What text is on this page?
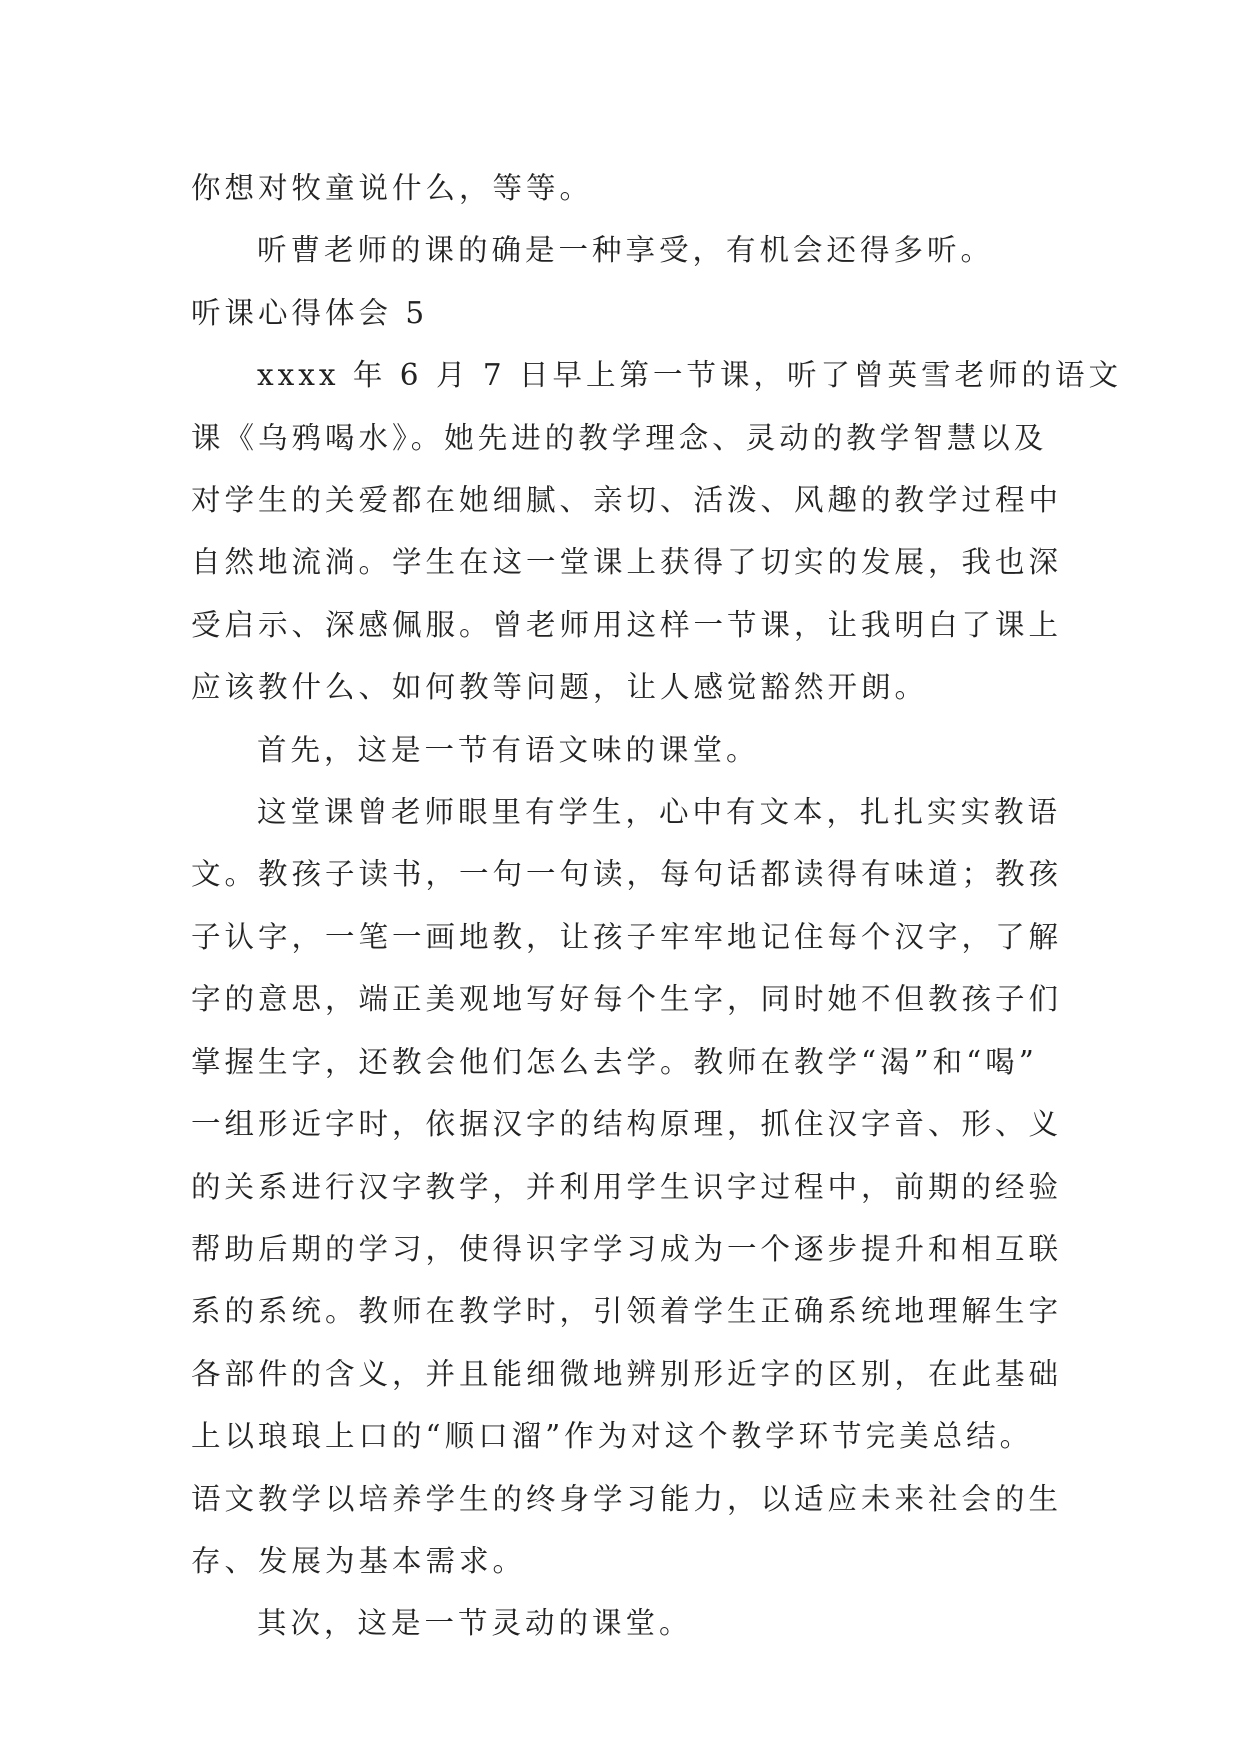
你想对牧童说什么，等等。

听曹老师的课的确是一种享受，有机会还得多听。

听课心得体会 5

xxxx 年 6 月 7 日早上第一节课，听了曾英雪老师的语文
课《乌鸦喝水》。她先进的教学理念、灵动的教学智慧以及
对学生的关爱都在她细腻、亲切、活泼、风趣的教学过程中
自然地流淌。学生在这一堂课上获得了切实的发展，我也深
受启示、深感佩服。曾老师用这样一节课，让我明白了课上
应该教什么、如何教等问题，让人感觉豁然开朗。

首先，这是一节有语文味的课堂。

这堂课曾老师眼里有学生，心中有文本，扎扎实实教语
文。教孩子读书，一句一句读，每句话都读得有味道；教孩
子认字，一笔一画地教，让孩子牢牢地记住每个汉字，了解
字的意思，端正美观地写好每个生字，同时她不但教孩子们
掌握生字，还教会他们怎么去学。教师在教学“渴”和“喝”
一组形近字时，依据汉字的结构原理，抓住汉字音、形、义
的关系进行汉字教学，并利用学生识字过程中，前期的经验
帮助后期的学习，使得识字学习成为一个逐步提升和相互联
系的系统。教师在教学时，引领着学生正确系统地理解生字
各部件的含义，并且能细微地辨别形近字的区别，在此基础
上以琅琅上口的“顺口溜”作为对这个教学环节完美总结。
语文教学以培养学生的终身学习能力，以适应未来社会的生
存、发展为基本需求。

其次，这是一节灵动的课堂。
